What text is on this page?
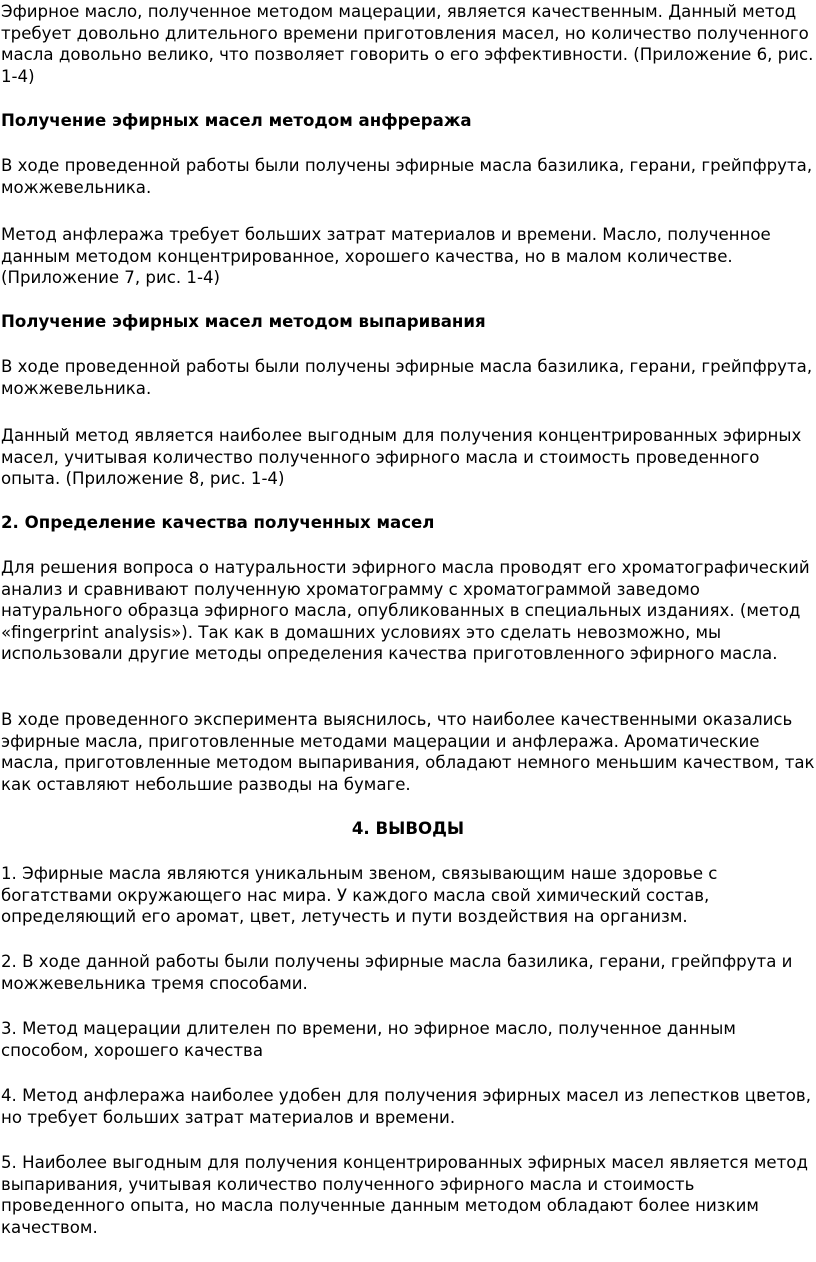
Эфирное масло, полученное методом мацерации, является качественным. Данный метод требует довольно длительного времени приготовления масел, но количество полученного масла довольно велико, что позволяет говорить о его эффективности. (Приложение 6, рис. 1-4)

Получение эфирных масел методом анфреража

В ходе проведенной работы были получены эфирные масла базилика, герани, грейпфрута, можжевельника.

Метод анфлеража требует больших затрат материалов и времени. Масло, полученное данным методом концентрированное, хорошего качества, но в малом количестве. (Приложение 7, рис. 1-4)

Получение эфирных масел методом выпаривания

В ходе проведенной работы были получены эфирные масла базилика, герани, грейпфрута, можжевельника.

Данный метод является наиболее выгодным для получения концентрированных эфирных масел, учитывая количество полученного эфирного масла и стоимость проведенного опыта. (Приложение 8, рис. 1-4)

2. Определение качества полученных масел

Для решения вопроса о натуральности эфирного масла проводят его хроматографический анализ и сравнивают полученную хроматограмму с хроматограммой заведомо натурального образца эфирного масла, опубликованных в специальных изданиях. (метод «fingerprint analysis»). Так как в домашних условиях это сделать невозможно, мы использовали другие методы определения качества приготовленного эфирного масла.

В ходе проведенного эксперимента выяснилось, что наиболее качественными оказались эфирные масла, приготовленные методами мацерации и анфлеража. Ароматические масла, приготовленные методом выпаривания, обладают немного меньшим качеством, так как оставляют небольшие разводы на бумаге.

4. ВЫВОДЫ

1. Эфирные масла являются уникальным звеном, связывающим наше здоровье с богатствами окружающего нас мира. У каждого масла свой химический состав, определяющий его аромат, цвет, летучесть и пути воздействия на организм.

2. В ходе данной работы были получены эфирные масла базилика, герани, грейпфрута и можжевельника тремя способами.

3. Метод мацерации длителен по времени, но эфирное масло, полученное данным способом, хорошего качества

4. Метод анфлеража наиболее удобен для получения эфирных масел из лепестков цветов, но требует больших затрат материалов и времени.

5. Наиболее выгодным для получения концентрированных эфирных масел является метод выпаривания, учитывая количество полученного эфирного масла и стоимость проведенного опыта, но масла полученные данным методом обладают более низким качеством.
